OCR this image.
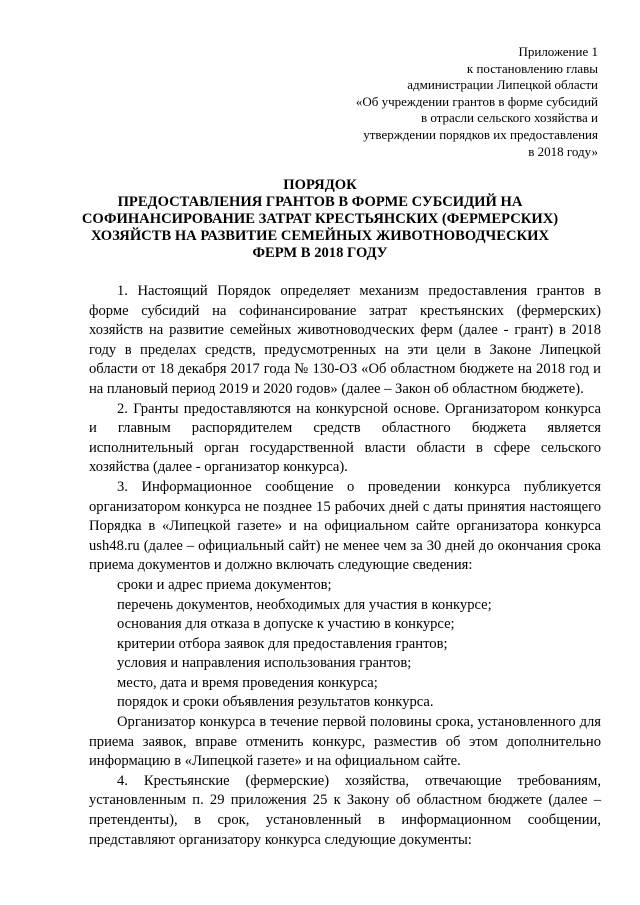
Приложение 1
к постановлению главы
администрации Липецкой области
«Об учреждении грантов в форме субсидий
в отрасли сельского хозяйства и
утверждении порядков их предоставления
в 2018 году»
ПОРЯДОК
ПРЕДОСТАВЛЕНИЯ ГРАНТОВ В ФОРМЕ СУБСИДИЙ НА
СОФИНАНСИРОВАНИЕ ЗАТРАТ КРЕСТЬЯНСКИХ (ФЕРМЕРСКИХ)
ХОЗЯЙСТВ НА РАЗВИТИЕ СЕМЕЙНЫХ ЖИВОТНОВОДЧЕСКИХ
ФЕРМ В 2018 ГОДУ

1. Настоящий Порядок определяет механизм предоставления грантов в форме субсидий на софинансирование затрат крестьянских (фермерских) хозяйств на развитие семейных животноводческих ферм (далее - грант) в 2018 году в пределах средств, предусмотренных на эти цели в Законе Липецкой области от 18 декабря 2017 года № 130-ОЗ «Об областном бюджете на 2018 год и на плановый период 2019 и 2020 годов» (далее – Закон об областном бюджете).

2. Гранты предоставляются на конкурсной основе. Организатором конкурса и главным распорядителем средств областного бюджета является исполнительный орган государственной власти области в сфере сельского хозяйства (далее - организатор конкурса).

3. Информационное сообщение о проведении конкурса публикуется организатором конкурса не позднее 15 рабочих дней с даты принятия настоящего Порядка в «Липецкой газете» и на официальном сайте организатора конкурса ush48.ru (далее – официальный сайт) не менее чем за 30 дней до окончания срока приема документов и должно включать следующие сведения:

сроки и адрес приема документов;

перечень документов, необходимых для участия в конкурсе;

основания для отказа в допуске к участию в конкурсе;

критерии отбора заявок для предоставления грантов;

условия и направления использования грантов;

место, дата и время проведения конкурса;

порядок и сроки объявления результатов конкурса.

Организатор конкурса в течение первой половины срока, установленного для приема заявок, вправе отменить конкурс, разместив об этом дополнительно информацию в «Липецкой газете» и на официальном сайте.

4. Крестьянские (фермерские) хозяйства, отвечающие требованиям, установленным п. 29 приложения 25 к Закону об областном бюджете (далее – претенденты), в срок, установленный в информационном сообщении, представляют организатору конкурса следующие документы:
